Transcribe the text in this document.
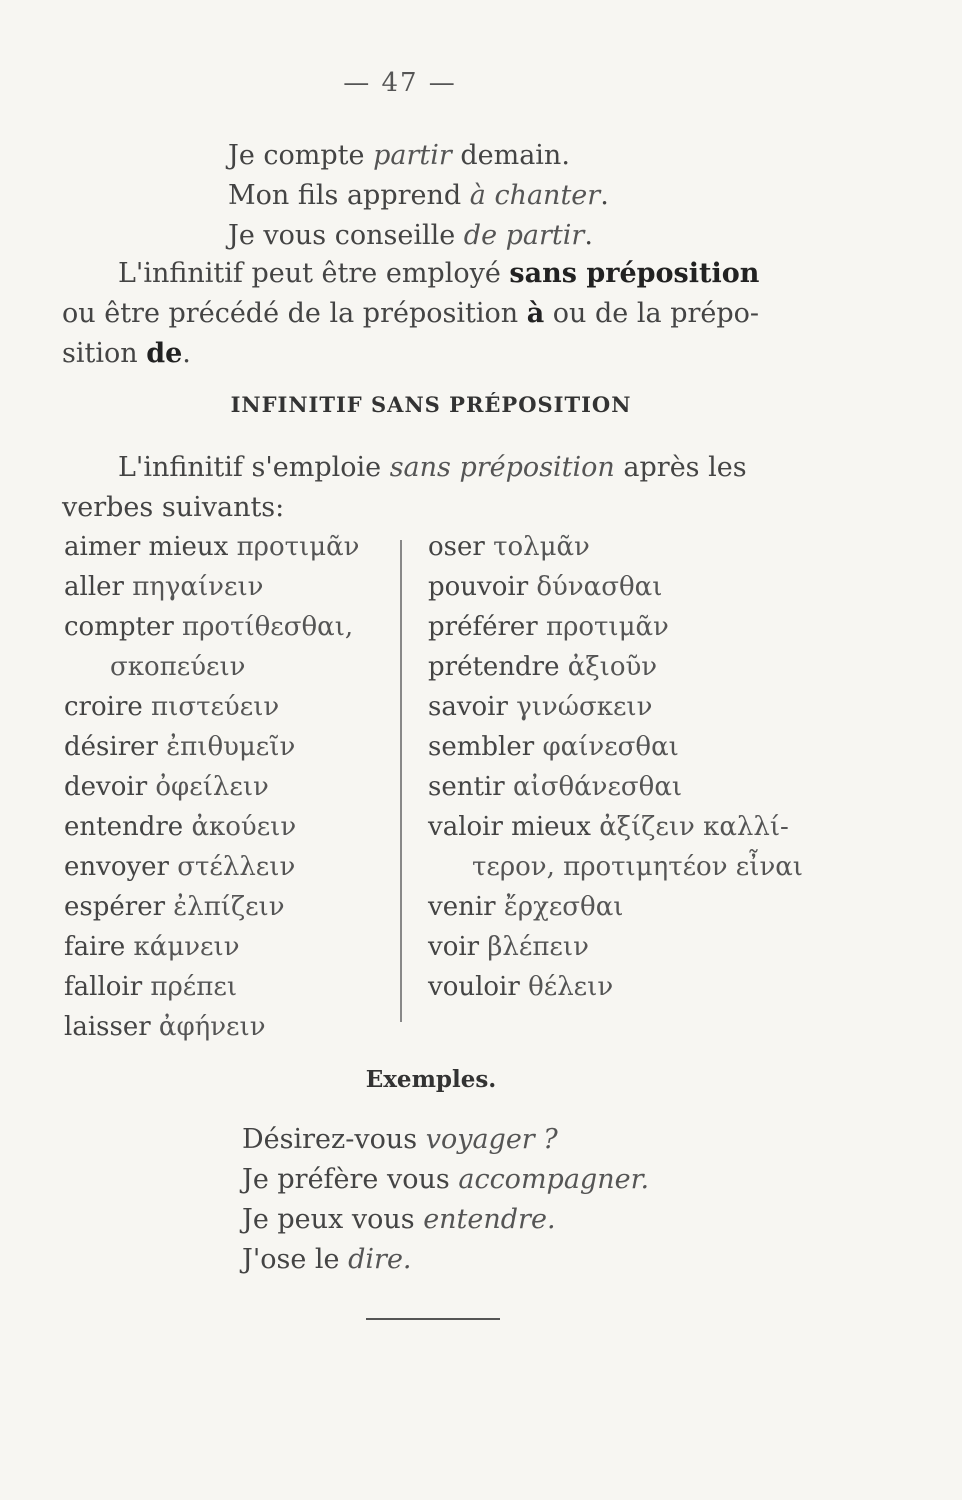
— 47 —
Je compte partir demain.
Mon fils apprend à chanter.
Je vous conseille de partir.
L'infinitif peut être employé sans préposition
ou être précédé de la préposition à ou de la prépo-
sition de.
INFINITIF SANS PRÉPOSITION
L'infinitif s'emploie sans préposition après les
verbes suivants:
aimer mieux προτιμᾶν
aller πηγαίνειν
compter προτίθεσθαι,
σκοπεύειν
croire πιστεύειν
désirer ἐπιθυμεῖν
devoir ὀφείλειν
entendre ἀκούειν
envoyer στέλλειν
espérer ἐλπίζειν
faire κάμνειν
falloir πρέπει
laisser ἀφήνειν
oser τολμᾶν
pouvoir δύνασθαι
préférer προτιμᾶν
prétendre ἀξιοῦν
savoir γινώσκειν
sembler φαίνεσθαι
sentir αἰσθάνεσθαι
valoir mieux ἀξίζειν καλλί-
τερον, προτιμητέον εἶναι
venir ἔρχεσθαι
voir βλέπειν
vouloir θέλειν
Exemples.
Désirez-vous voyager ?
Je préfère vous accompagner.
Je peux vous entendre.
J'ose le dire.
